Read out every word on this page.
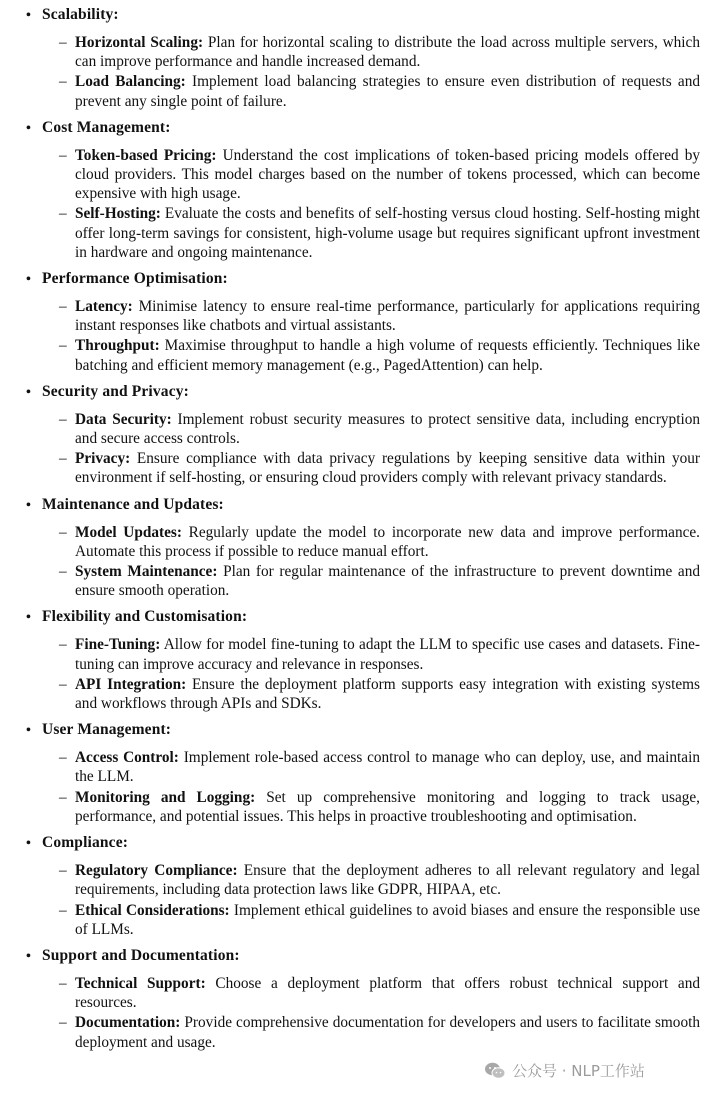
• Scalability:
– Horizontal Scaling: Plan for horizontal scaling to distribute the load across multiple servers, which can improve performance and handle increased demand.
– Load Balancing: Implement load balancing strategies to ensure even distribution of requests and prevent any single point of failure.
• Cost Management:
– Token-based Pricing: Understand the cost implications of token-based pricing models offered by cloud providers. This model charges based on the number of tokens processed, which can become expensive with high usage.
– Self-Hosting: Evaluate the costs and benefits of self-hosting versus cloud hosting. Self-hosting might offer long-term savings for consistent, high-volume usage but requires significant upfront investment in hardware and ongoing maintenance.
• Performance Optimisation:
– Latency: Minimise latency to ensure real-time performance, particularly for applications requiring instant responses like chatbots and virtual assistants.
– Throughput: Maximise throughput to handle a high volume of requests efficiently. Techniques like batching and efficient memory management (e.g., PagedAttention) can help.
• Security and Privacy:
– Data Security: Implement robust security measures to protect sensitive data, including encryption and secure access controls.
– Privacy: Ensure compliance with data privacy regulations by keeping sensitive data within your environment if self-hosting, or ensuring cloud providers comply with relevant privacy standards.
• Maintenance and Updates:
– Model Updates: Regularly update the model to incorporate new data and improve performance. Automate this process if possible to reduce manual effort.
– System Maintenance: Plan for regular maintenance of the infrastructure to prevent downtime and ensure smooth operation.
• Flexibility and Customisation:
– Fine-Tuning: Allow for model fine-tuning to adapt the LLM to specific use cases and datasets. Fine-tuning can improve accuracy and relevance in responses.
– API Integration: Ensure the deployment platform supports easy integration with existing systems and workflows through APIs and SDKs.
• User Management:
– Access Control: Implement role-based access control to manage who can deploy, use, and maintain the LLM.
– Monitoring and Logging: Set up comprehensive monitoring and logging to track usage, performance, and potential issues. This helps in proactive troubleshooting and optimisation.
• Compliance:
– Regulatory Compliance: Ensure that the deployment adheres to all relevant regulatory and legal requirements, including data protection laws like GDPR, HIPAA, etc.
– Ethical Considerations: Implement ethical guidelines to avoid biases and ensure the responsible use of LLMs.
• Support and Documentation:
– Technical Support: Choose a deployment platform that offers robust technical support and resources.
– Documentation: Provide comprehensive documentation for developers and users to facilitate smooth deployment and usage.
公众号 · NLP工作站
